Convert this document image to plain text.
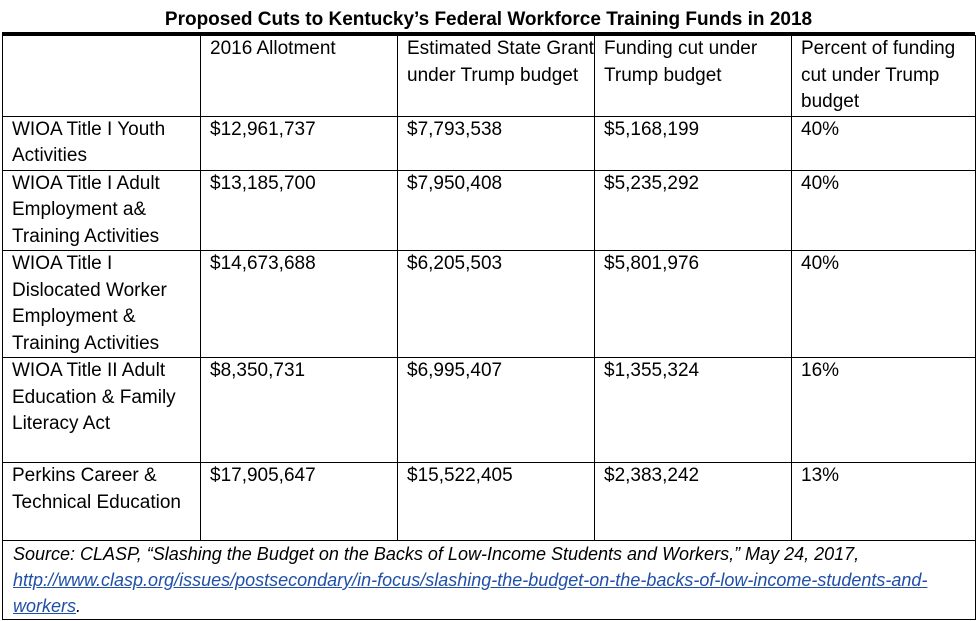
Proposed Cuts to Kentucky’s Federal Workforce Training Funds in 2018
	2016 Allotment	Estimated State Grant under Trump budget	Funding cut under Trump budget	Percent of funding cut under Trump budget
WIOA Title I Youth Activities	$12,961,737	$7,793,538	$5,168,199	40%
WIOA Title I Adult Employment a& Training Activities	$13,185,700	$7,950,408	$5,235,292	40%
WIOA Title I Dislocated Worker Employment & Training Activities	$14,673,688	$6,205,503	$5,801,976	40%
WIOA Title II Adult Education & Family Literacy Act	$8,350,731	$6,995,407	$1,355,324	16%
Perkins Career & Technical Education	$17,905,647	$15,522,405	$2,383,242	13%
Source: CLASP, “Slashing the Budget on the Backs of Low-Income Students and Workers,” May 24, 2017, http://www.clasp.org/issues/postsecondary/in-focus/slashing-the-budget-on-the-backs-of-low-income-students-and-workers.				
